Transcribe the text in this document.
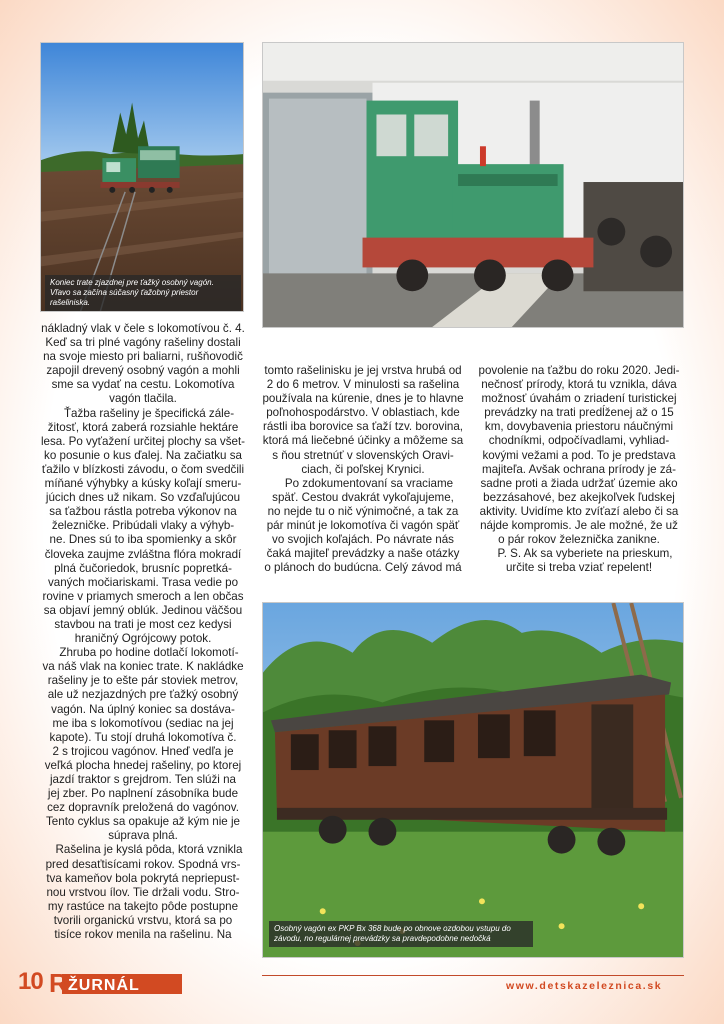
Koniec trate zjazdnej pre ťažký osobný vagón. Vľavo sa začína súčasný ťažobný priestor rašeliniska.
Osobný vagón ex PKP Bx 368 bude po obnove ozdobou vstupu do závodu, no regulárnej prevádzky sa pravdepodobne nedočká

nákladný vlak v čele s lokomotívou č. 4.

Keď sa tri plné vagóny rašeliny dostali

na svoje miesto pri baliarni, rušňovodič

zapojil drevený osobný vagón a mohli

sme sa vydať na cestu. Lokomotíva

vagón tlačila.

Ťažba rašeliny je špecifická zále-

žitosť, ktorá zaberá rozsiahle hektáre

lesa. Po vyťažení určitej plochy sa všet-

ko posunie o kus ďalej. Na začiatku sa

ťažilo v blízkosti závodu, o čom svedčili

míňané výhybky a kúsky koľají smeru-

júcich dnes už nikam. So vzďaľujúcou

sa ťažbou rástla potreba výkonov na

železničke. Pribúdali vlaky a výhyb-

ne. Dnes sú to iba spomienky a skôr

človeka zaujme zvláštna flóra mokradí

plná čučoriedok, brusníc popretká-

vaných močiariskami. Trasa vedie po

rovine v priamych smeroch a len občas

sa objaví jemný oblúk. Jedinou väčšou

stavbou na trati je most cez kedysi

hraničný Ogrójcowy potok.

Zhruba po hodine dotlačí lokomotí-

va náš vlak na koniec trate. K nakládke

rašeliny je to ešte pár stoviek metrov,

ale už nezjazdných pre ťažký osobný

vagón. Na úplný koniec sa dostáva-

me iba s lokomotívou (sediac na jej

kapote). Tu stojí druhá lokomotíva č.

2 s trojicou vagónov. Hneď vedľa je

veľká plocha hnedej rašeliny, po ktorej

jazdí traktor s grejdrom. Ten slúži na

jej zber. Po naplnení zásobníka bude

cez dopravník preložená do vagónov.

Tento cyklus sa opakuje až kým nie je

súprava plná.

Rašelina je kyslá pôda, ktorá vznikla

pred desaťtisícami rokov. Spodná vrs-

tva kameňov bola pokrytá nepriepust-

nou vrstvou ílov. Tie držali vodu. Stro-

my rastúce na takejto pôde postupne

tvorili organickú vrstvu, ktorá sa po

tisíce rokov menila na rašelinu. Na

tomto rašelinisku je jej vrstva hrubá od

2 do 6 metrov. V minulosti sa rašelina

používala na kúrenie, dnes je to hlavne

poľnohospodárstvo. V oblastiach, kde

rástli iba borovice sa ťaží tzv. borovina,

ktorá má liečebné účinky a môžeme sa

s ňou stretnúť v slovenských Oravi-

ciach, či poľskej Krynici.

Po zdokumentovaní sa vraciame

späť. Cestou dvakrát vykoľajujeme,

no nejde tu o nič výnimočné, a tak za

pár minút je lokomotíva či vagón späť

vo svojich koľajách. Po návrate nás

čaká majiteľ prevádzky a naše otázky

o plánoch do budúcna. Celý závod má

povolenie na ťažbu do roku 2020. Jedi-

nečnosť prírody, ktorá tu vznikla, dáva

možnosť úvahám o zriadení turistickej

prevádzky na trati predĺženej až o 15

km, dovybavenia priestoru náučnými

chodníkmi, odpočívadlami, vyhliad-

kovými vežami a pod. To je predstava

majiteľa. Avšak ochrana prírody je zá-

sadne proti a žiada udržať územie ako

bezzásahové, bez akejkoľvek ľudskej

aktivity. Uvidíme kto zvíťazí alebo či sa

nájde kompromis. Je ale možné, že už

o pár rokov železnička zanikne.

P. S. Ak sa vyberiete na prieskum,

určite si treba vziať repelent!

10 R ŽURNÁL	www.detskazeleznica.sk
